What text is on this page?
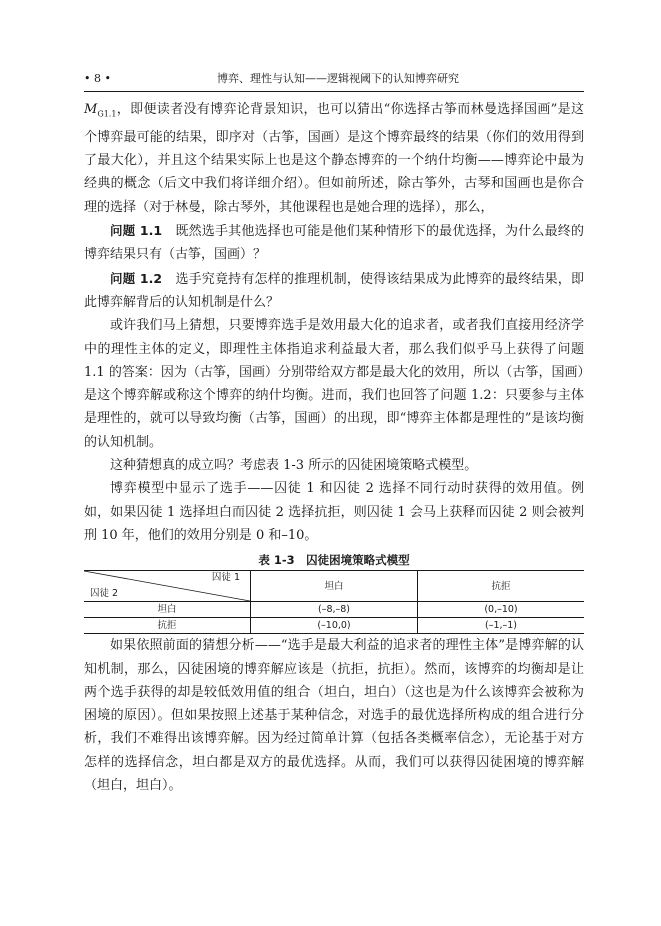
• 8 •	博弈、理性与认知——逻辑视阈下的认知博弈研究

$M_{G1.1}$，即便读者没有博弈论背景知识，也可以猜出“你选择古筝而林曼选择国画”是这个博弈最可能的结果，即序对（古筝，国画）是这个博弈最终的结果（你们的效用得到了最大化），并且这个结果实际上也是这个静态博弈的一个纳什均衡——博弈论中最为经典的概念（后文中我们将详细介绍）。但如前所述，除古筝外，古琴和国画也是你合理的选择（对于林曼，除古琴外，其他课程也是她合理的选择），那么，

问题 1.1　 既然选手其他选择也可能是他们某种情形下的最优选择，为什么最终的博弈结果只有（古筝，国画）？

问题 1.2　 选手究竟持有怎样的推理机制，使得该结果成为此博弈的最终结果，即此博弈解背后的认知机制是什么？

或许我们马上猜想，只要博弈选手是效用最大化的追求者，或者我们直接用经济学中的理性主体的定义，即理性主体指追求利益最大者，那么我们似乎马上获得了问题 1.1 的答案：因为（古筝，国画）分别带给双方都是最大化的效用，所以（古筝，国画）是这个博弈解或称这个博弈的纳什均衡。进而，我们也回答了问题 1.2：只要参与主体是理性的，就可以导致均衡（古筝，国画）的出现，即“博弈主体都是理性的”是该均衡的认知机制。

这种猜想真的成立吗？考虑表 1-3 所示的囚徒困境策略式模型。

博弈模型中显示了选手——囚徒 1 和囚徒 2 选择不同行动时获得的效用值。例如，如果囚徒 1 选择坦白而囚徒 2 选择抗拒，则囚徒 1 会马上获释而囚徒 2 则会被判刑 10 年，他们的效用分别是 0 和–10。

表 1-3　囚徒困境策略式模型
囚徒 1
囚徒 2	坦白	抗拒
坦白	(–8,–8)	(0,–10)
抗拒	(–10,0)	(–1,–1)

如果依照前面的猜想分析——“选手是最大利益的追求者的理性主体”是博弈解的认知机制，那么，囚徒困境的博弈解应该是（抗拒，抗拒）。然而，该博弈的均衡却是让两个选手获得的却是较低效用值的组合（坦白，坦白）（这也是为什么该博弈会被称为困境的原因）。但如果按照上述基于某种信念，对选手的最优选择所构成的组合进行分析，我们不难得出该博弈解。因为经过简单计算（包括各类概率信念），无论基于对方怎样的选择信念，坦白都是双方的最优选择。从而，我们可以获得囚徒困境的博弈解（坦白，坦白）。
